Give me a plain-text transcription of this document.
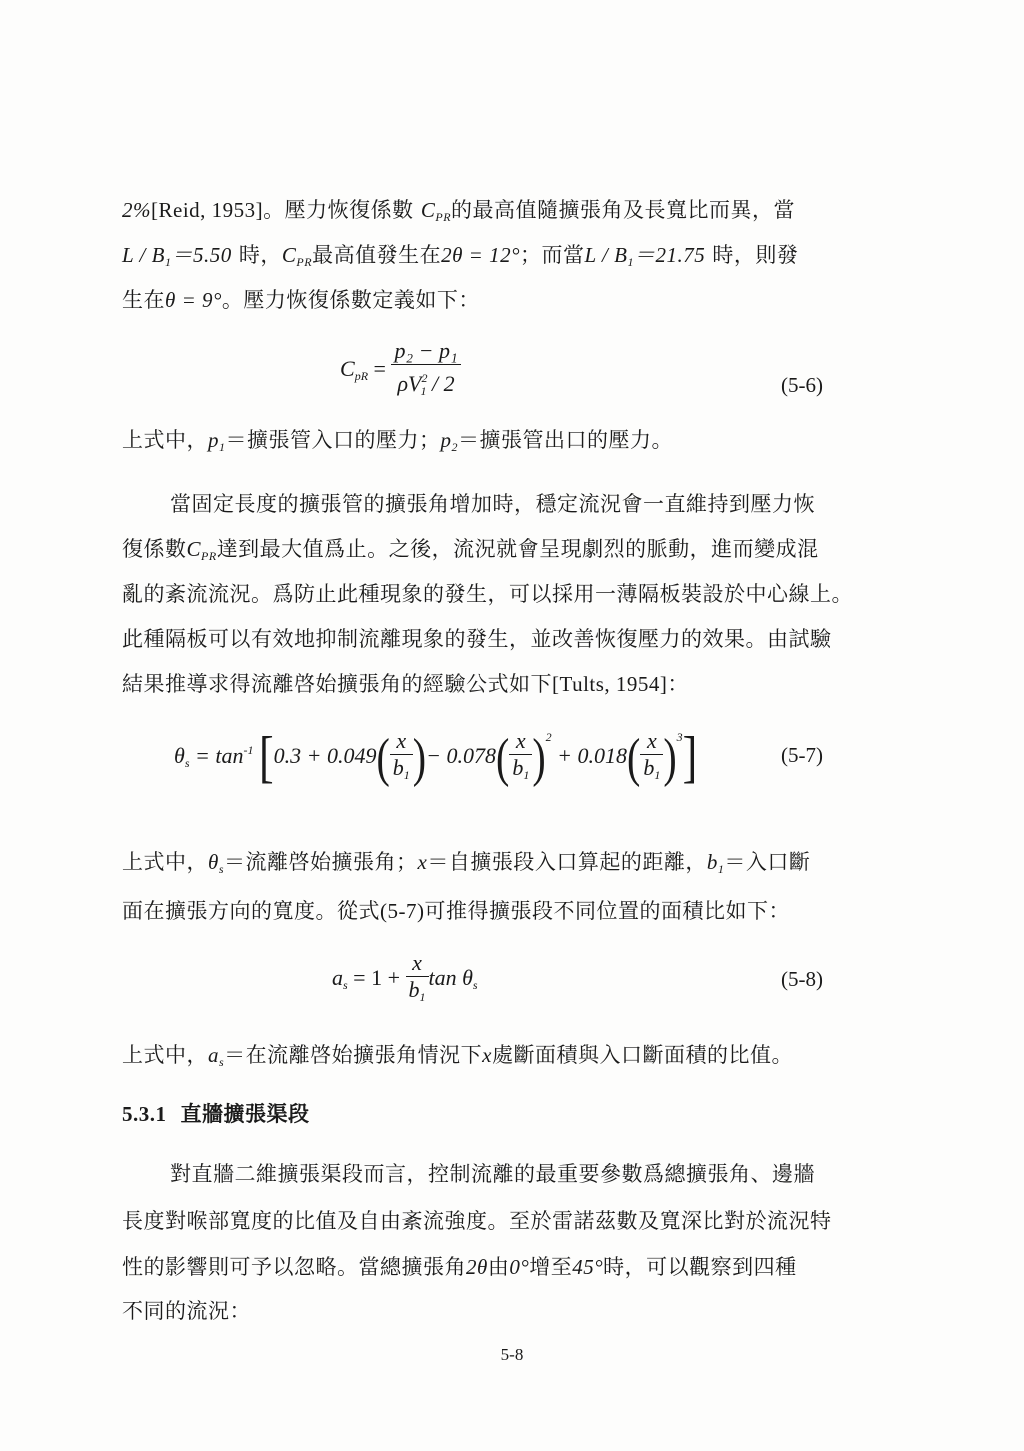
2%[Reid, 1953]。壓力恢復係數 $C_{PR}$的最高值隨擴張角及長寬比而異，當
$L / B_1=5.50$ 時，$C_{PR}$最高值發生在2θ = 12°；而當$L / B_1=21.75$ 時，則發
生在θ = 9°。壓力恢復係數定義如下：
$C_{pR} = \frac{\text{p₂ − p₁}}{\rho V^2_1 / 2}$	(5-6)
上式中，$p_1=$擴張管入口的壓力；$p_2=$擴張管出口的壓力。
當固定長度的擴張管的擴張角增加時，穩定流況會一直維持到壓力恢
復係數$C_{PR}$達到最大值爲止。之後，流況就會呈現劇烈的脈動，進而變成混
亂的紊流流況。爲防止此種現象的發生，可以採用一薄隔板裝設於中心線上。
此種隔板可以有效地抑制流離現象的發生，並改善恢復壓力的效果。由試驗
結果推導求得流離啓始擴張角的經驗公式如下[Tults, 1954]：
$\theta_s = \tan^{-1} [0.3 + 0.049( \frac{x}{b_1}$ )− $0.078( \frac{x}{b_1} )^2 + 0.018( \frac{x}{b_1} )^3$]	(5-7)
上式中，$\theta_s=$流離啓始擴張角；x＝自擴張段入口算起的距離，$b_1=$入口斷
面在擴張方向的寬度。從式(5-7)可推得擴張段不同位置的面積比如下：
$a_s = 1 + \frac{x}{b_1}$ $\tan \theta_s$	(5-8)
上式中，$a_s=$在流離啓始擴張角情況下x處斷面積與入口斷面積的比值。
5.3.1 直牆擴張渠段
對直牆二維擴張渠段而言，控制流離的最重要參數爲總擴張角、邊牆
長度對喉部寬度的比值及自由紊流強度。至於雷諾茲數及寬深比對於流況特
性的影響則可予以忽略。當總擴張角2θ由0°增至45°時，可以觀察到四種
不同的流況：
5-8
